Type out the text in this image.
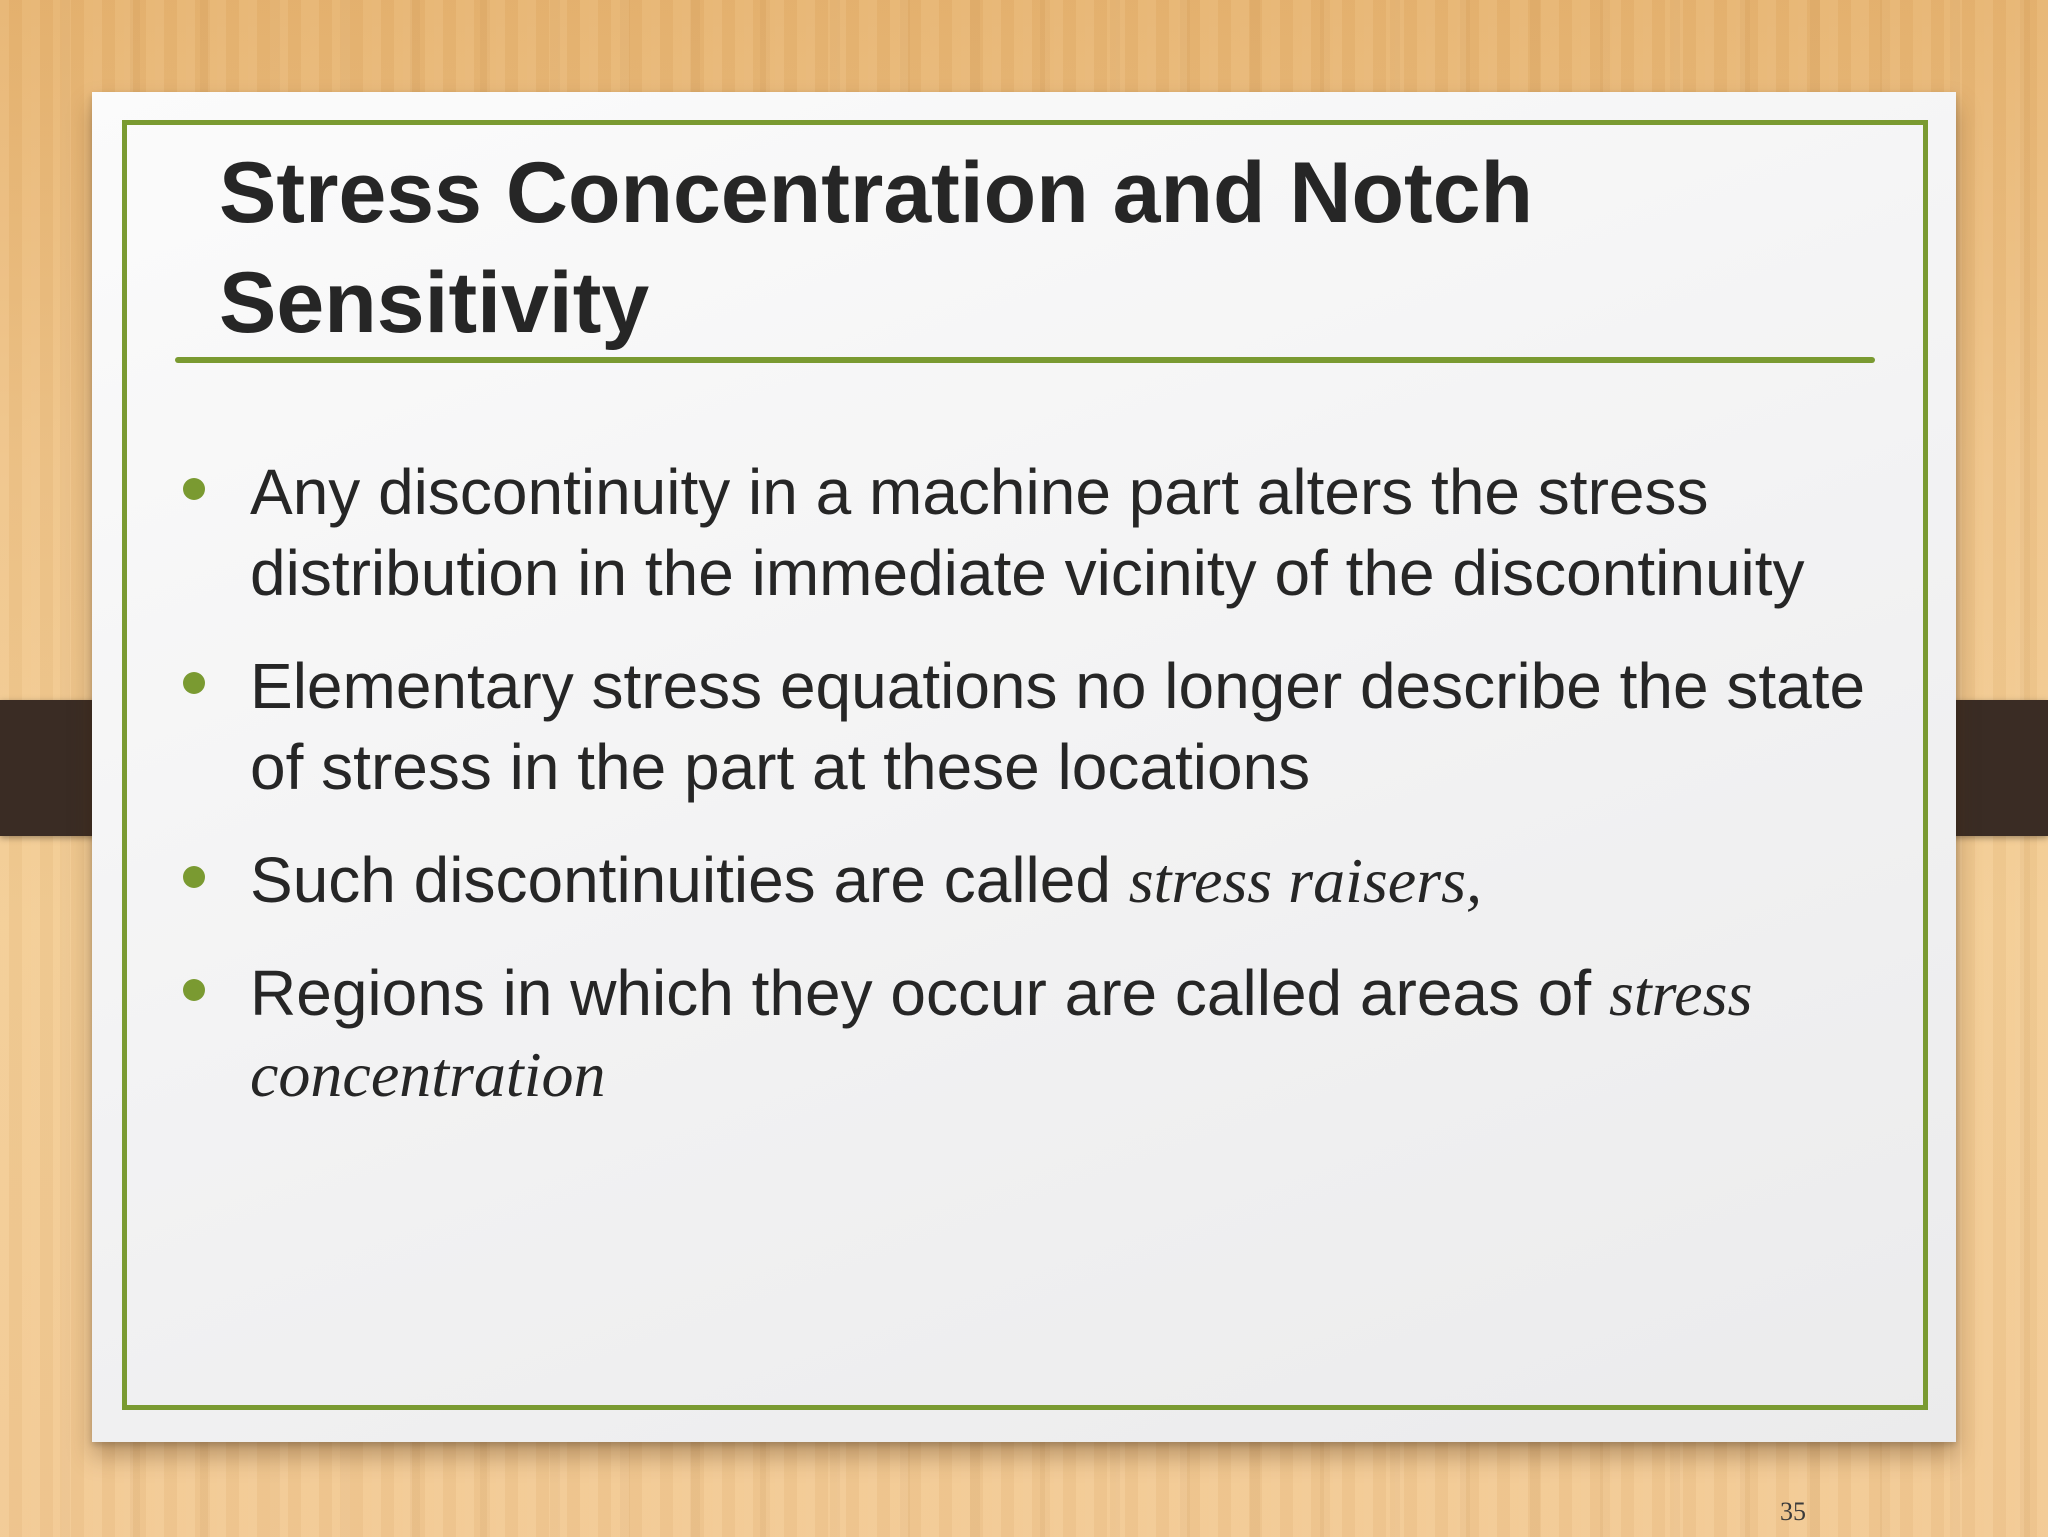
Stress Concentration and Notch Sensitivity
Any discontinuity in a machine part alters the stress distribution in the immediate vicinity of the discontinuity
Elementary stress equations no longer describe the state of stress in the part at these locations
Such discontinuities are called stress raisers,
Regions in which they occur are called areas of stress concentration
35
